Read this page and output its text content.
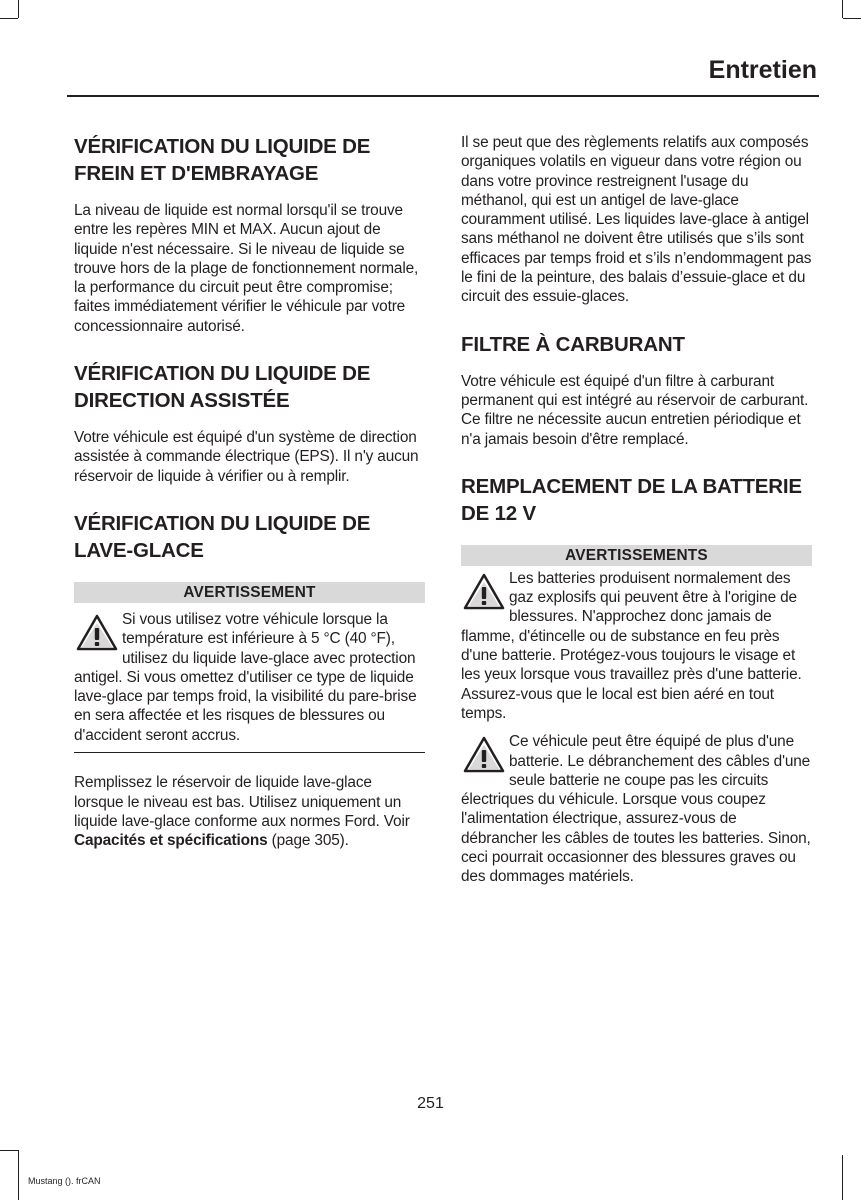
Entretien
VÉRIFICATION DU LIQUIDE DE FREIN ET D'EMBRAYAGE

La niveau de liquide est normal lorsqu'il se trouve entre les repères MIN et MAX. Aucun ajout de liquide n'est nécessaire. Si le niveau de liquide se trouve hors de la plage de fonctionnement normale, la performance du circuit peut être compromise; faites immédiatement vérifier le véhicule par votre concessionnaire autorisé.

VÉRIFICATION DU LIQUIDE DE DIRECTION ASSISTÉE

Votre véhicule est équipé d'un système de direction assistée à commande électrique (EPS). Il n'y aucun réservoir de liquide à vérifier ou à remplir.

VÉRIFICATION DU LIQUIDE DE LAVE-GLACE
AVERTISSEMENT

Si vous utilisez votre véhicule lorsque la température est inférieure à 5 °C (40 °F), utilisez du liquide lave-glace avec protection antigel. Si vous omettez d'utiliser ce type de liquide lave-glace par temps froid, la visibilité du pare-brise en sera affectée et les risques de blessures ou d'accident seront accrus.

Remplissez le réservoir de liquide lave-glace lorsque le niveau est bas. Utilisez uniquement un liquide lave-glace conforme aux normes Ford. Voir
Capacités et spécifications (page 305).

Il se peut que des règlements relatifs aux composés organiques volatils en vigueur dans votre région ou dans votre province restreignent l'usage du méthanol, qui est un antigel de lave-glace couramment utilisé. Les liquides lave-glace à antigel sans méthanol ne doivent être utilisés que s’ils sont efficaces par temps froid et s’ils n’endommagent pas le fini de la peinture, des balais d’essuie-glace et du circuit des essuie-glaces.

FILTRE À CARBURANT

Votre véhicule est équipé d'un filtre à carburant permanent qui est intégré au réservoir de carburant. Ce filtre ne nécessite aucun entretien périodique et n'a jamais besoin d'être remplacé.

REMPLACEMENT DE LA BATTERIE DE 12 V
AVERTISSEMENTS

Les batteries produisent normalement des gaz explosifs qui peuvent être à l'origine de blessures. N'approchez donc jamais de flamme, d'étincelle ou de substance en feu près d'une batterie. Protégez-vous toujours le visage et les yeux lorsque vous travaillez près d'une batterie. Assurez-vous que le local est bien aéré en tout temps.

Ce véhicule peut être équipé de plus d'une batterie. Le débranchement des câbles d'une seule batterie ne coupe pas les circuits électriques du véhicule. Lorsque vous coupez l'alimentation électrique, assurez-vous de débrancher les câbles de toutes les batteries. Sinon, ceci pourrait occasionner des blessures graves ou des dommages matériels.

251
Mustang (). frCAN
